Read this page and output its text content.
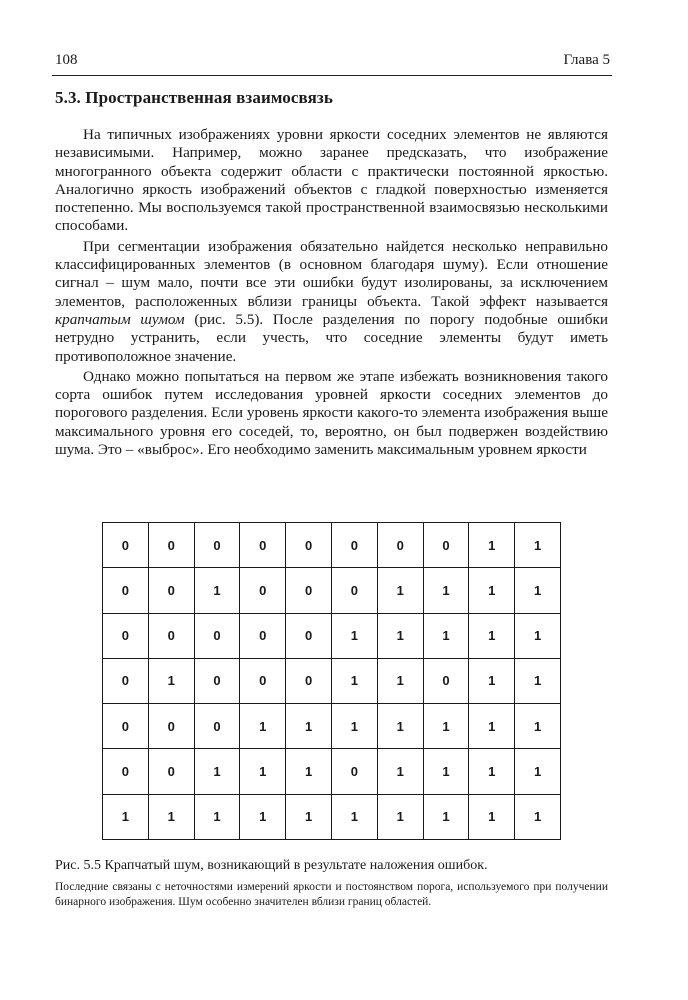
108	Глава 5
5.3. Пространственная взаимосвязь

На типичных изображениях уровни яркости соседних элементов не являются независимыми. Например, можно заранее предсказать, что изображение многогранного объекта содержит области с практически постоянной яркостью. Аналогично яркость изображений объектов с гладкой поверхностью изменяется постепенно. Мы воспользуемся такой пространственной взаимосвязью несколькими способами.

При сегментации изображения обязательно найдется несколько неправильно классифицированных элементов (в основном благодаря шуму). Если отношение сигнал – шум мало, почти все эти ошибки будут изолированы, за исключением элементов, расположенных вблизи границы объекта. Такой эффект называется крапчатым шумом (рис. 5.5). После разделения по порогу подобные ошибки нетрудно устранить, если учесть, что соседние элементы будут иметь противоположное значение.

Однако можно попытаться на первом же этапе избежать возникновения такого сорта ошибок путем исследования уровней яркости соседних элементов до порогового разделения. Если уровень яркости какого-то элемента изображения выше максимального уровня его соседей, то, вероятно, он был подвержен воздействию шума. Это – «выброс». Его необходимо заменить максимальным уровнем яркости

0	0	0	0	0	0	0	0	1	1
0	0	1	0	0	0	1	1	1	1
0	0	0	0	0	1	1	1	1	1
0	1	0	0	0	1	1	0	1	1
0	0	0	1	1	1	1	1	1	1
0	0	1	1	1	0	1	1	1	1
1	1	1	1	1	1	1	1	1	1
Рис. 5.5 Крапчатый шум, возникающий в результате наложения ошибок.
Последние связаны с неточностями измерений яркости и постоянством порога, используемого при получении бинарного изображения. Шум особенно значителен вблизи границ областей.
